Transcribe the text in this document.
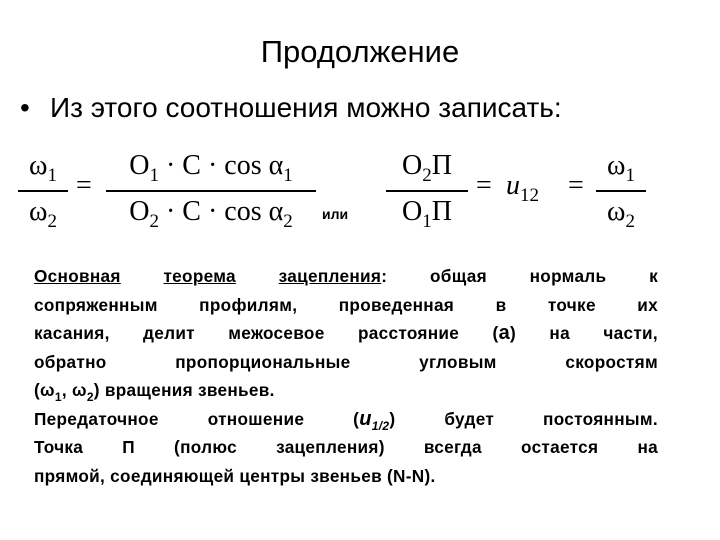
Продолжение
• Из этого соотношения можно записать:
$\omega_1$
$\omega_2$
=
$O_1 \cdot C \cdot \cos \alpha_1$
$O_2 \cdot C \cdot \cos \alpha_2$	или
$O_2П$
$O_1П$
= $u_{12}$ =
$\omega_1$
$\omega_2$
Основная теорема зацепления: общая нормаль к
сопряженным профилям, проведенная в точке их
касания, делит межосевое расстояние (а) на части,
обратно пропорциональные угловым скоростям
($\omega_1$, $\omega_2$) вращения звеньев.
Передаточное отношение $(u_{1/2})$ будет постоянным.
Точка П (полюс зацепления) всегда остается на
прямой, соединяющей центры звеньев (N-N).
